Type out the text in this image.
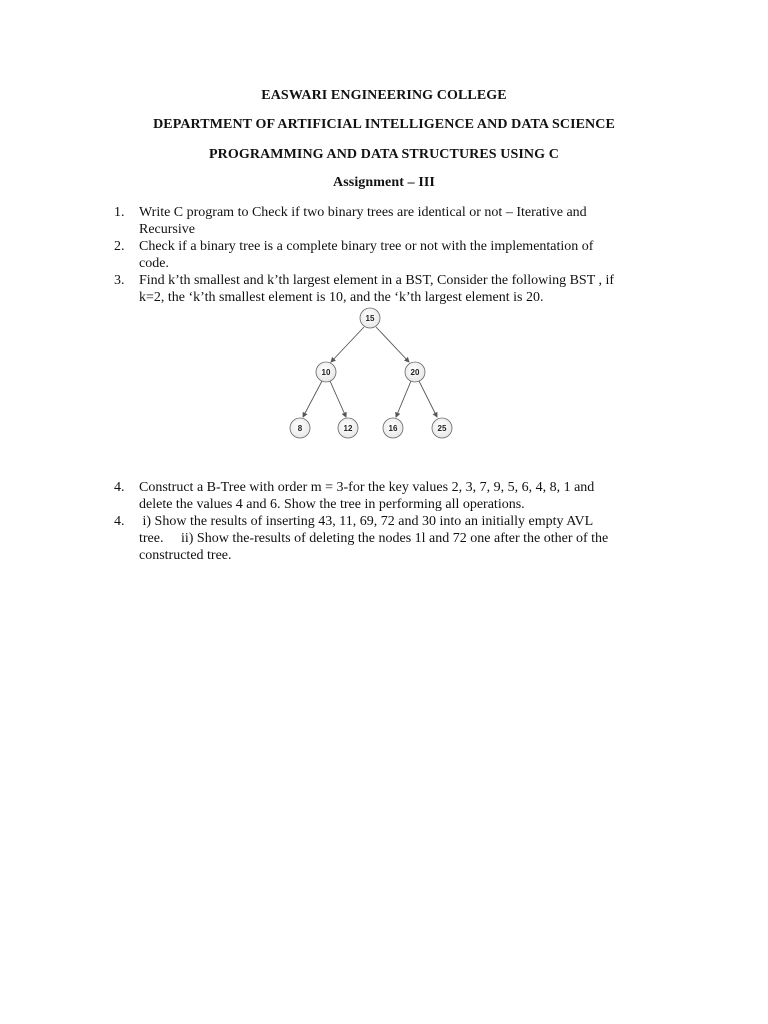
EASWARI ENGINEERING COLLEGE
DEPARTMENT OF ARTIFICIAL INTELLIGENCE AND DATA SCIENCE
PROGRAMMING AND DATA STRUCTURES USING C
Assignment – III
1. Write C program to Check if two binary trees are identical or not – Iterative and
Recursive
2. Check if a binary tree is a complete binary tree or not with the implementation of
code.
3. Find k’th smallest and k’th largest element in a BST, Consider the following BST , if
k=2, the ‘k’th smallest element is 10, and the ‘k’th largest element is 20.
15
10	20
8	12	16	25
4. Construct a B-Tree with order m = 3-for the key values 2, 3, 7, 9, 5, 6, 4, 8, 1 and
delete the values 4 and 6. Show the tree in performing all operations.
4. i) Show the results of inserting 43, 11, 69, 72 and 30 into an initially empty AVL
tree.     ii) Show the-results of deleting the nodes 1l and 72 one after the other of the
constructed tree.
